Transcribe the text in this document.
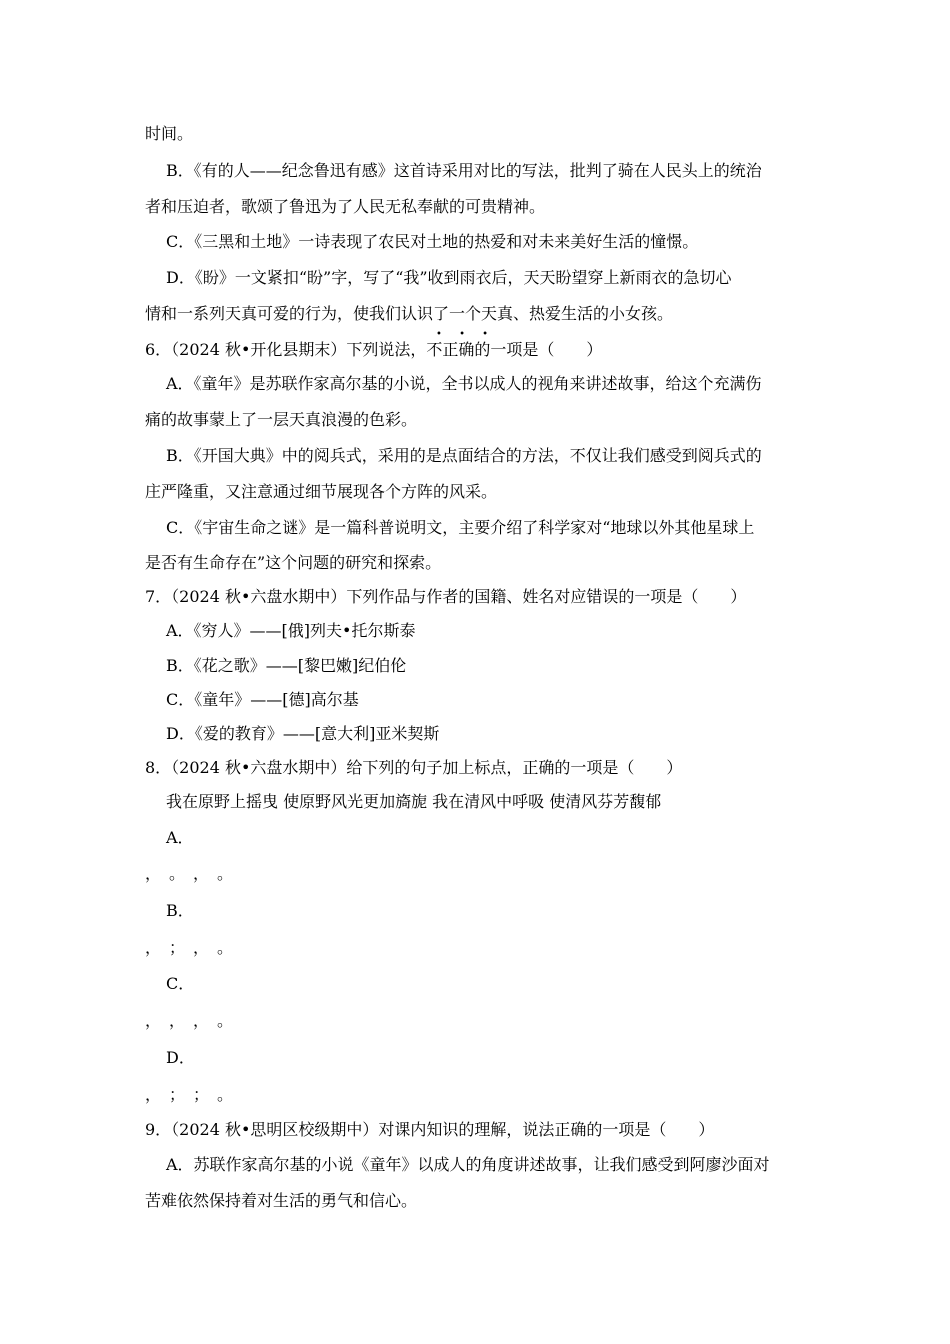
时间。
B．《有的人——纪念鲁迅有感》这首诗采用对比的写法，批判了骑在人民头上的统治
者和压迫者，歌颂了鲁迅为了人民无私奉献的可贵精神。
C．《三黑和土地》一诗表现了农民对土地的热爱和对未来美好生活的憧憬。
D．《盼》一文紧扣“盼”字，写了“我”收到雨衣后，天天盼望穿上新雨衣的急切心
情和一系列天真可爱的行为，使我们认识了一个天真、热爱生活的小女孩。
• • •
6．（2024 秋•开化县期末）下列说法，不正确的一项是（　　）
A．《童年》是苏联作家高尔基的小说，全书以成人的视角来讲述故事，给这个充满伤
痛的故事蒙上了一层天真浪漫的色彩。
B．《开国大典》中的阅兵式，采用的是点面结合的方法，不仅让我们感受到阅兵式的
庄严隆重，又注意通过细节展现各个方阵的风采。
C．《宇宙生命之谜》是一篇科普说明文，主要介绍了科学家对“地球以外其他星球上
是否有生命存在”这个问题的研究和探索。
7．（2024 秋•六盘水期中）下列作品与作者的国籍、姓名对应错误的一项是（　　）
A．《穷人》——[俄]列夫•托尔斯泰
B．《花之歌》——[黎巴嫩]纪伯伦
C．《童年》——[德]高尔基
D．《爱的教育》——[意大利]亚米契斯
8．（2024 秋•六盘水期中）给下列的句子加上标点，正确的一项是（　　）
我在原野上摇曳 使原野风光更加旖旎 我在清风中呼吸 使清风芬芳馥郁
A．
，　。　，　。
B．
，　；　，　。
C．
，　，　，　。
D．
，　；　；　。
9．（2024 秋•思明区校级期中）对课内知识的理解，说法正确的一项是（　　）
A．苏联作家高尔基的小说《童年》以成人的角度讲述故事，让我们感受到阿廖沙面对
苦难依然保持着对生活的勇气和信心。
